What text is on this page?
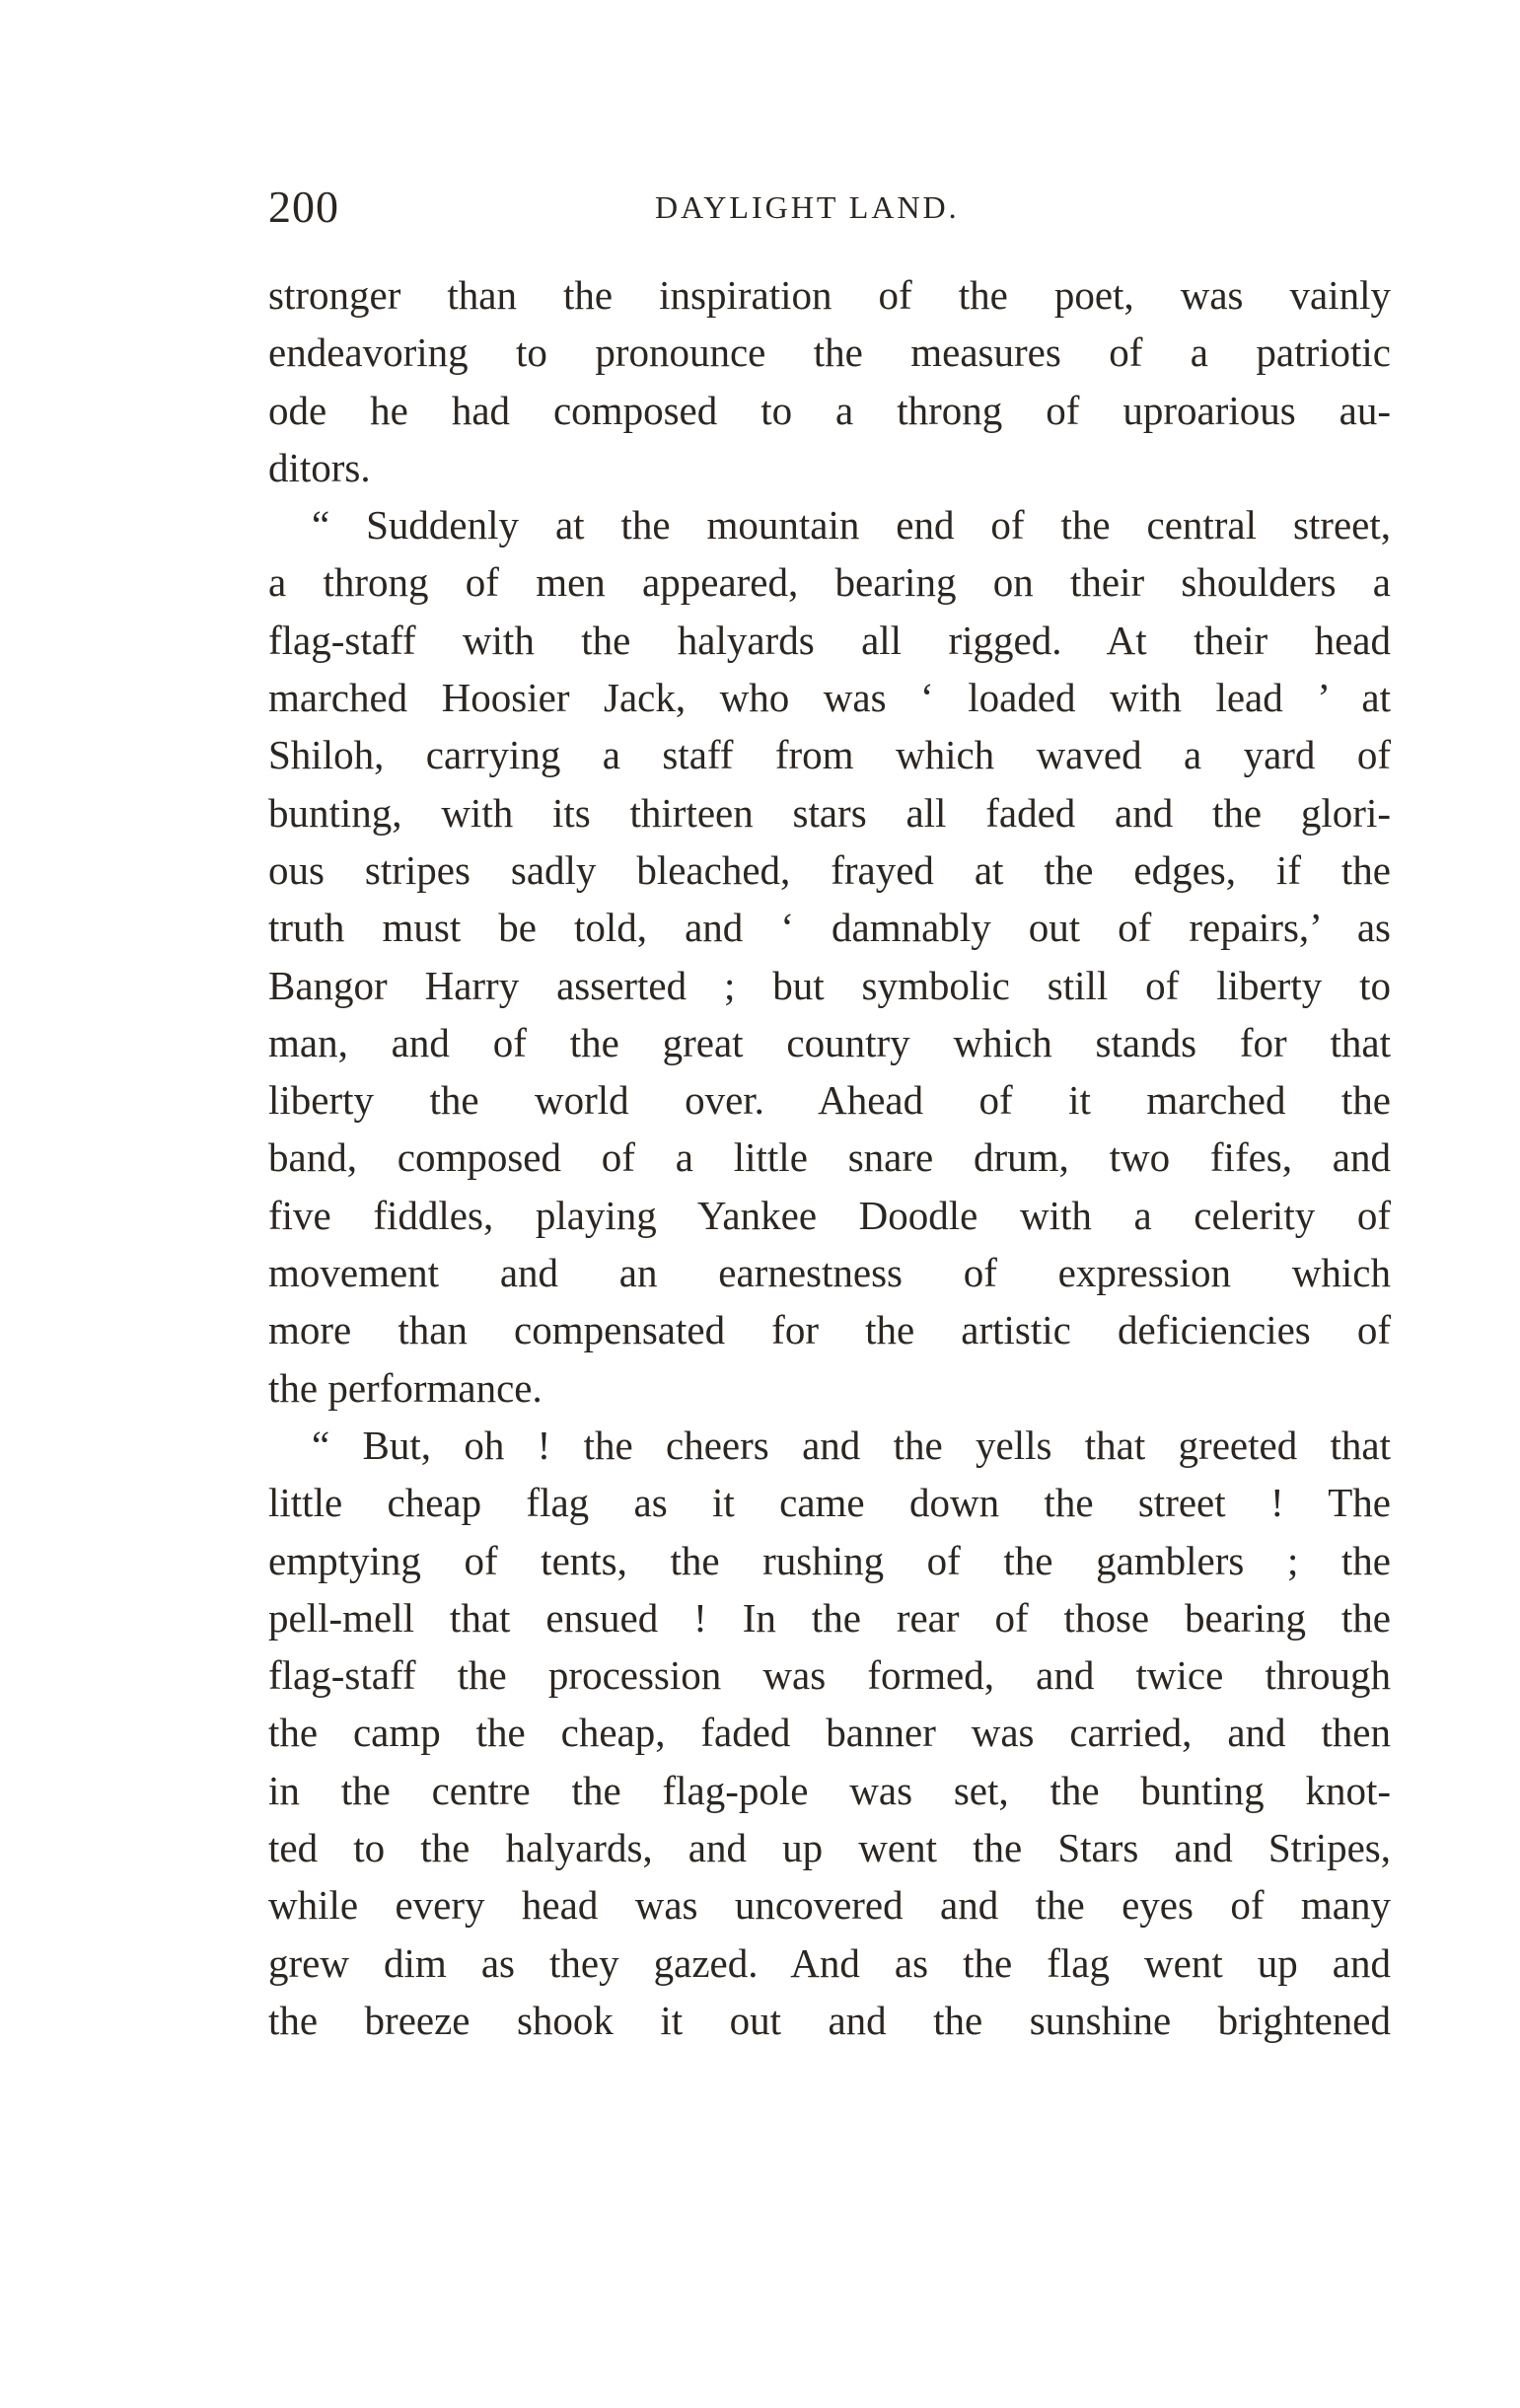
200	DAYLIGHT LAND.
stronger than the inspiration of the poet, was vainly
endeavoring to pronounce the measures of a patriotic
ode he had composed to a throng of uproarious au-
ditors.
“ Suddenly at the mountain end of the central street,
a throng of men appeared, bearing on their shoulders a
flag-staff with the halyards all rigged. At their head
marched Hoosier Jack, who was ‘ loaded with lead ’ at
Shiloh, carrying a staff from which waved a yard of
bunting, with its thirteen stars all faded and the glori-
ous stripes sadly bleached, frayed at the edges, if the
truth must be told, and ‘ damnably out of repairs,’ as
Bangor Harry asserted ; but symbolic still of liberty to
man, and of the great country which stands for that
liberty the world over. Ahead of it marched the
band, composed of a little snare drum, two fifes, and
five fiddles, playing Yankee Doodle with a celerity of
movement and an earnestness of expression which
more than compensated for the artistic deficiencies of
the performance.
“ But, oh ! the cheers and the yells that greeted that
little cheap flag as it came down the street ! The
emptying of tents, the rushing of the gamblers ; the
pell-mell that ensued ! In the rear of those bearing the
flag-staff the procession was formed, and twice through
the camp the cheap, faded banner was carried, and then
in the centre the flag-pole was set, the bunting knot-
ted to the halyards, and up went the Stars and Stripes,
while every head was uncovered and the eyes of many
grew dim as they gazed. And as the flag went up and
the breeze shook it out and the sunshine brightened
